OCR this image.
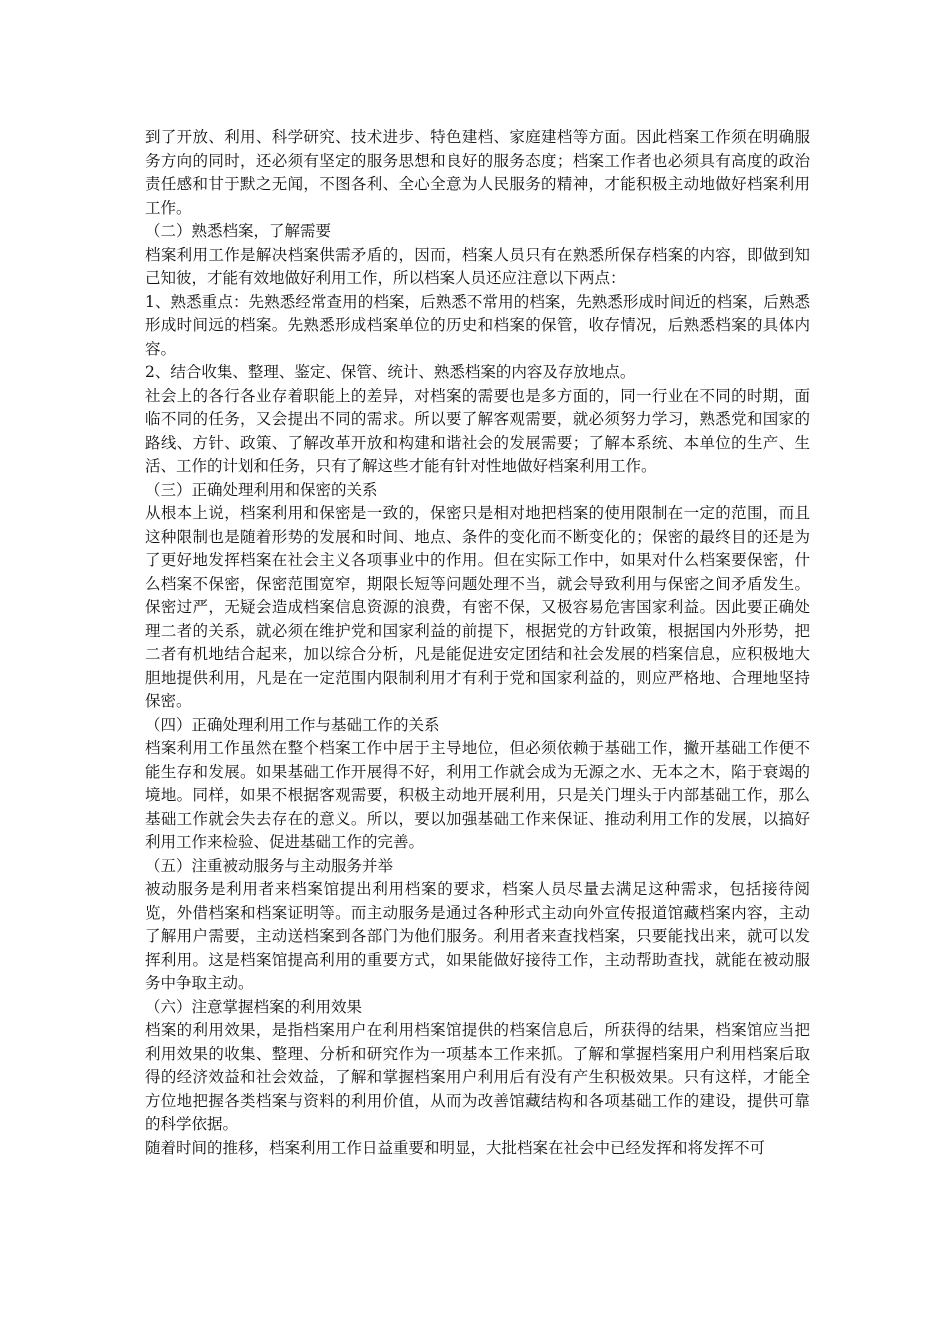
到了开放、利用、科学研究、技术进步、特色建档、家庭建档等方面。因此档案工作须在明确服务方向的同时，还必须有坚定的服务思想和良好的服务态度；档案工作者也必须具有高度的政治责任感和甘于默之无闻，不图各利、全心全意为人民服务的精神，才能积极主动地做好档案利用工作。

（二）熟悉档案，了解需要

档案利用工作是解决档案供需矛盾的，因而，档案人员只有在熟悉所保存档案的内容，即做到知己知彼，才能有效地做好利用工作，所以档案人员还应注意以下两点：

1、熟悉重点：先熟悉经常查用的档案，后熟悉不常用的档案，先熟悉形成时间近的档案，后熟悉形成时间远的档案。先熟悉形成档案单位的历史和档案的保管，收存情况，后熟悉档案的具体内容。

2、结合收集、整理、鉴定、保管、统计、熟悉档案的内容及存放地点。

社会上的各行各业存着职能上的差异，对档案的需要也是多方面的，同一行业在不同的时期，面临不同的任务，又会提出不同的需求。所以要了解客观需要，就必须努力学习，熟悉党和国家的路线、方针、政策、了解改革开放和构建和谐社会的发展需要；了解本系统、本单位的生产、生活、工作的计划和任务，只有了解这些才能有针对性地做好档案利用工作。

（三）正确处理利用和保密的关系

从根本上说，档案利用和保密是一致的，保密只是相对地把档案的使用限制在一定的范围，而且这种限制也是随着形势的发展和时间、地点、条件的变化而不断变化的；保密的最终目的还是为了更好地发挥档案在社会主义各项事业中的作用。但在实际工作中，如果对什么档案要保密，什么档案不保密，保密范围宽窄，期限长短等问题处理不当，就会导致利用与保密之间矛盾发生。保密过严，无疑会造成档案信息资源的浪费，有密不保，又极容易危害国家利益。因此要正确处理二者的关系，就必须在维护党和国家利益的前提下，根据党的方针政策，根据国内外形势，把二者有机地结合起来，加以综合分析，凡是能促进安定团结和社会发展的档案信息，应积极地大胆地提供利用，凡是在一定范围内限制利用才有利于党和国家利益的，则应严格地、合理地坚持保密。

（四）正确处理利用工作与基础工作的关系

档案利用工作虽然在整个档案工作中居于主导地位，但必须依赖于基础工作，撇开基础工作便不能生存和发展。如果基础工作开展得不好，利用工作就会成为无源之水、无本之木，陷于衰竭的境地。同样，如果不根据客观需要，积极主动地开展利用，只是关门埋头于内部基础工作，那么基础工作就会失去存在的意义。所以，要以加强基础工作来保证、推动利用工作的发展，以搞好利用工作来检验、促进基础工作的完善。

（五）注重被动服务与主动服务并举

被动服务是利用者来档案馆提出利用档案的要求，档案人员尽量去满足这种需求，包括接待阅览，外借档案和档案证明等。而主动服务是通过各种形式主动向外宣传报道馆藏档案内容，主动了解用户需要，主动送档案到各部门为他们服务。利用者来查找档案，只要能找出来，就可以发挥利用。这是档案馆提高利用的重要方式，如果能做好接待工作，主动帮助查找，就能在被动服务中争取主动。

（六）注意掌握档案的利用效果

档案的利用效果，是指档案用户在利用档案馆提供的档案信息后，所获得的结果，档案馆应当把利用效果的收集、整理、分析和研究作为一项基本工作来抓。了解和掌握档案用户利用档案后取得的经济效益和社会效益，了解和掌握档案用户利用后有没有产生积极效果。只有这样，才能全方位地把握各类档案与资料的利用价值，从而为改善馆藏结构和各项基础工作的建设，提供可靠的科学依据。

随着时间的推移，档案利用工作日益重要和明显，大批档案在社会中已经发挥和将发挥不可
